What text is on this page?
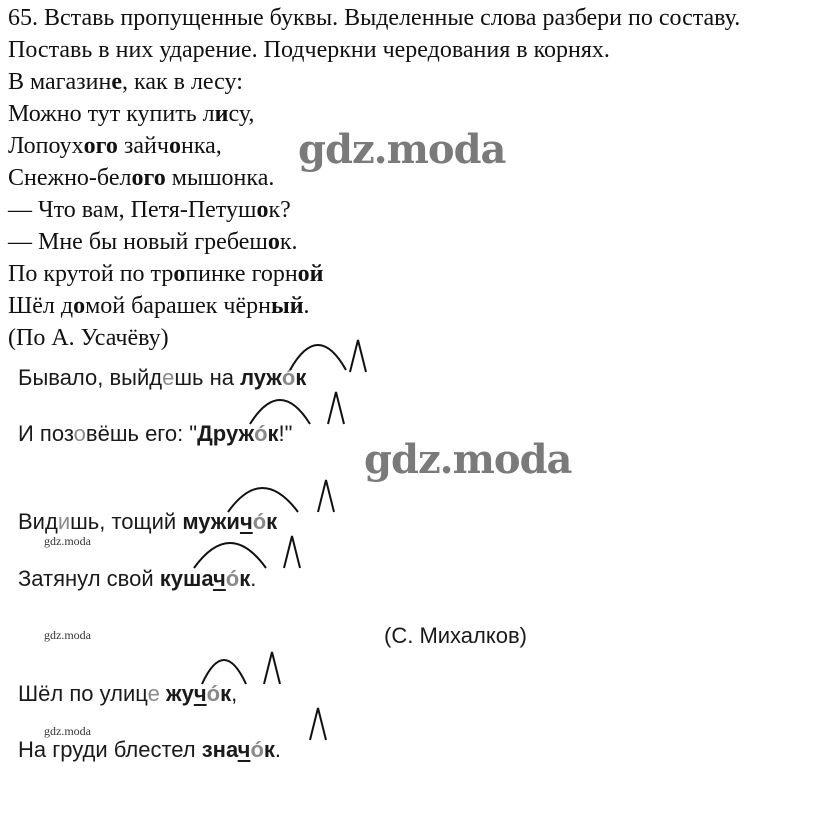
65. Вставь пропущенные буквы. Выделенные слова разбери по составу.
Поставь в них ударение. Подчеркни чередования в корнях.
В магазине, как в лесу:
Можно тут купить лису,
Лопоухого зайчонка,
Снежно-белого мышонка.
— Что вам, Петя-Петушок?
— Мне бы новый гребешок.
По крутой по тропинке горной
Шёл домой барашек чёрный.
(По А. Усачёву)
Бывало, выйдешь на лужóк
И позовёшь его: "Дружóк!"
Видишь, тощий мужичóк
Затянул свой кушачóк.
(С. Михалков)
Шёл по улице жучóк,
На груди блестел значóк.
gdz.moda
gdz.moda
gdz.moda
gdz.moda
gdz.moda
